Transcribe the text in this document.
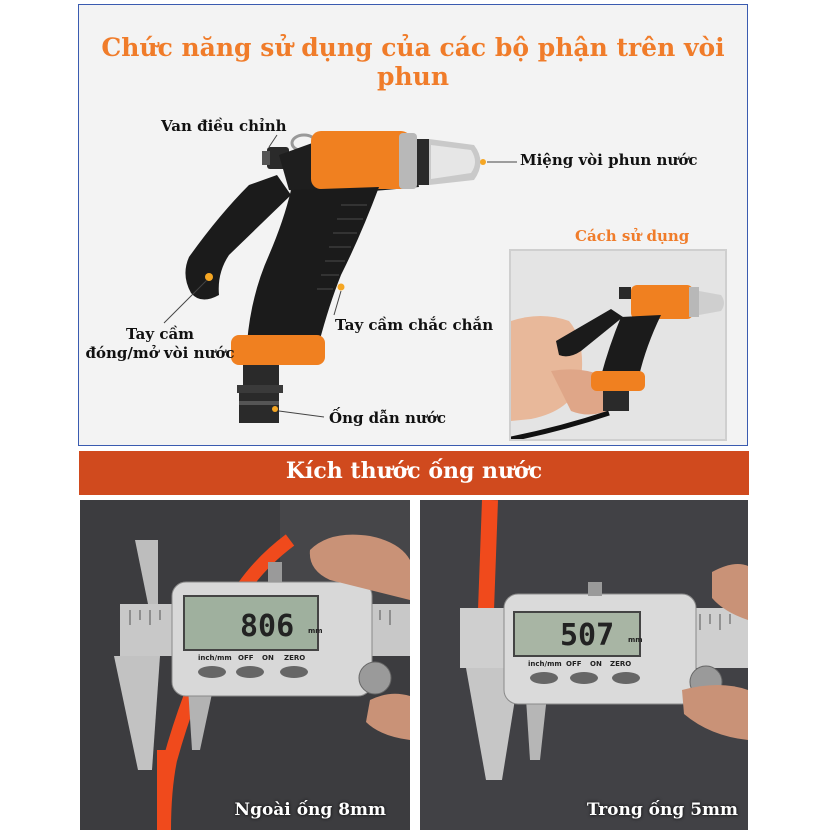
Chức năng sử dụng của các bộ phận trên vòi phun
Van điều chỉnh
Miệng vòi phun nước
Tay cầm
đóng/mở vòi nước
Tay cầm chắc chắn
Ống dẫn nước
Cách sử dụng
Kích thước ống nước
806 mm
inch/mm OFF ON ZERO
Ngoài ống 8mm
507 mm
inch/mm OFF ON ZERO
Trong ống 5mm
